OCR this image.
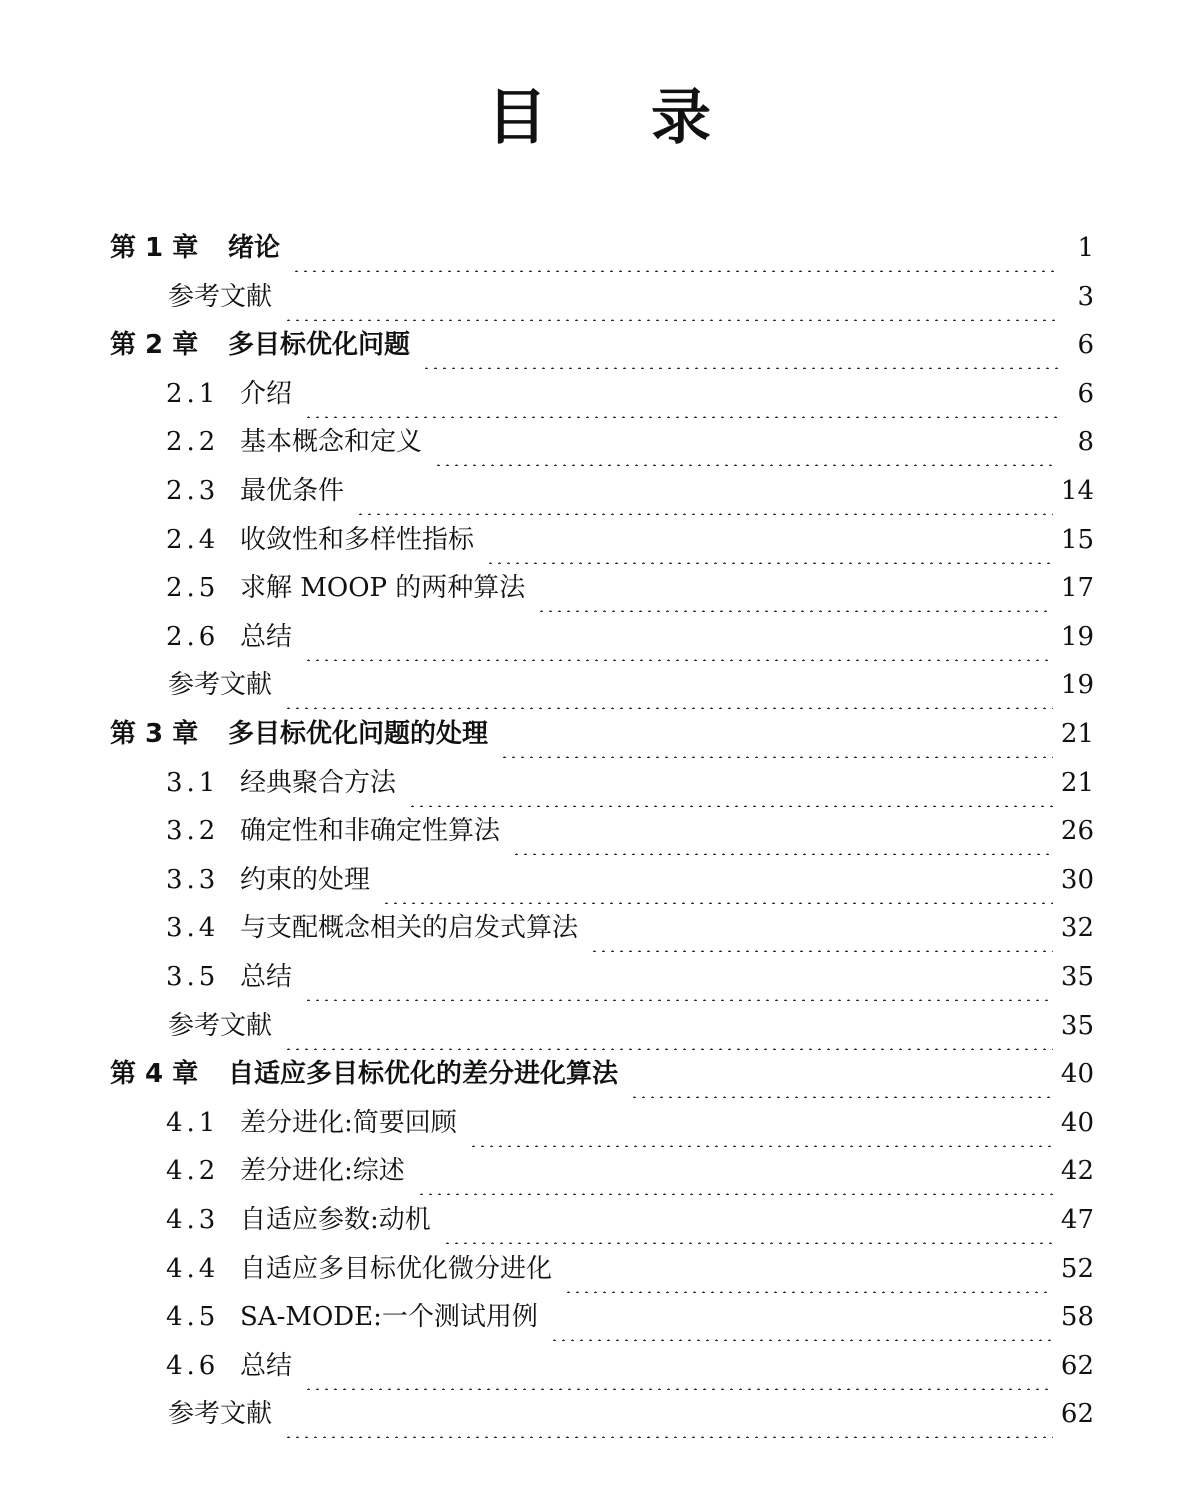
目 录
第 1 章	绪论	1
参考文献	3
第 2 章	多目标优化问题	6
2.1 介绍	6
2.2 基本概念和定义	8
2.3 最优条件	14
2.4 收敛性和多样性指标	15
2.5 求解 MOOP 的两种算法	17
2.6 总结	19
参考文献	19
第 3 章	多目标优化问题的处理	21
3.1 经典聚合方法	21
3.2 确定性和非确定性算法	26
3.3 约束的处理	30
3.4 与支配概念相关的启发式算法	32
3.5 总结	35
参考文献	35
第 4 章	自适应多目标优化的差分进化算法	40
4.1 差分进化:简要回顾	40
4.2 差分进化:综述	42
4.3 自适应参数:动机	47
4.4 自适应多目标优化微分进化	52
4.5 SA-MODE:一个测试用例	58
4.6 总结	62
参考文献	62
